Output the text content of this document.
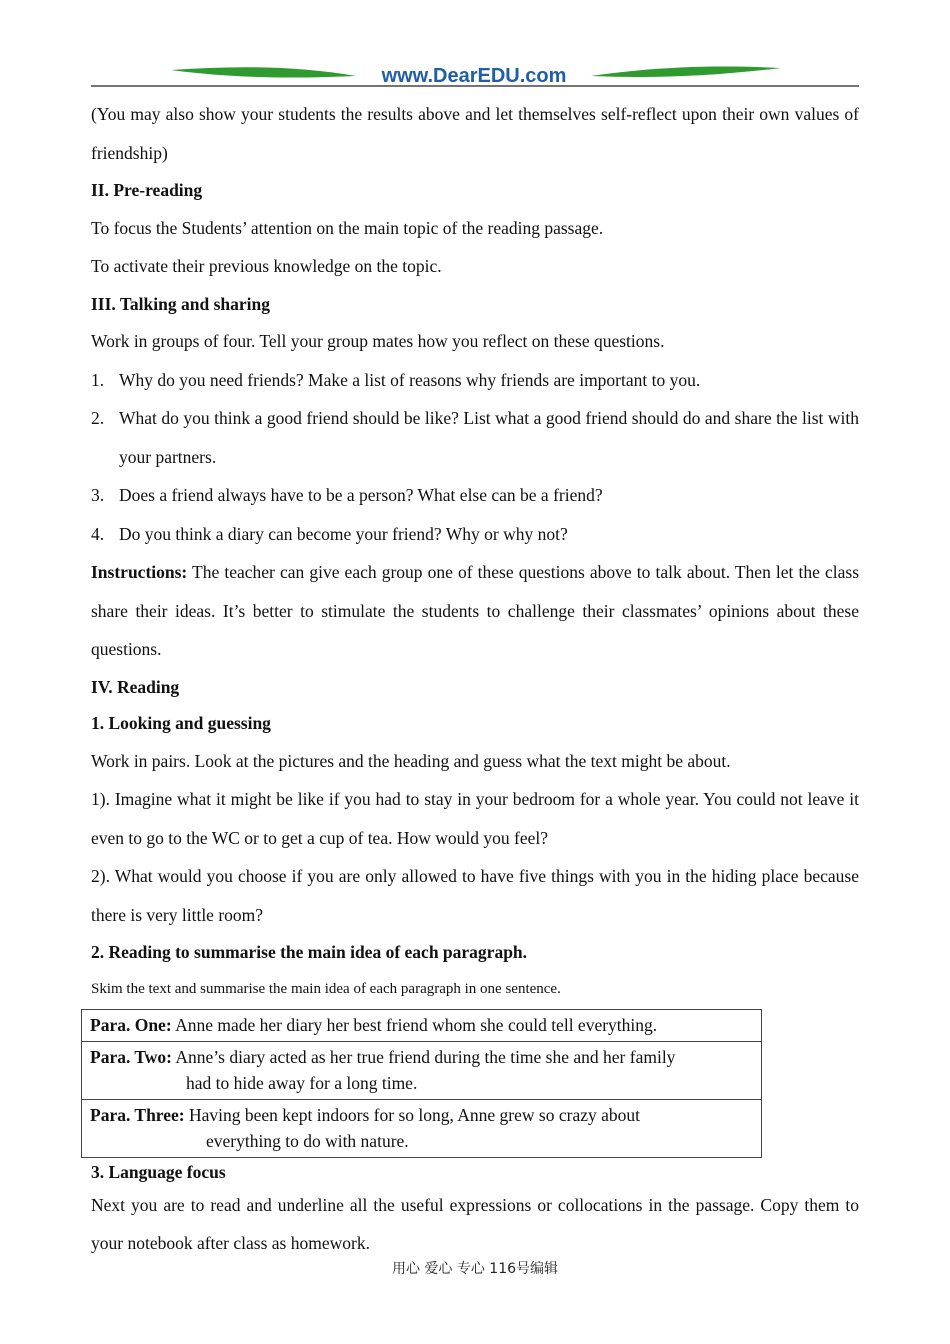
www.DearEDU.com

(You may also show your students the results above and let themselves self-reflect upon their own values of friendship)

II. Pre-reading

To focus the Students’ attention on the main topic of the reading passage.

To activate their previous knowledge on the topic.

III. Talking and sharing

Work in groups of four. Tell your group mates how you reflect on these questions.

1. Why do you need friends? Make a list of reasons why friends are important to you.
2. What do you think a good friend should be like? List what a good friend should do and share the list with your partners.
3. Does a friend always have to be a person? What else can be a friend?
4. Do you think a diary can become your friend? Why or why not?

Instructions: The teacher can give each group one of these questions above to talk about. Then let the class share their ideas. It’s better to stimulate the students to challenge their classmates’ opinions about these questions.

IV. Reading

1. Looking and guessing

Work in pairs. Look at the pictures and the heading and guess what the text might be about.

1). Imagine what it might be like if you had to stay in your bedroom for a whole year. You could not leave it even to go to the WC or to get a cup of tea. How would you feel?

2). What would you choose if you are only allowed to have five things with you in the hiding place because there is very little room?

2. Reading to summarise the main idea of each paragraph.

Skim the text and summarise the main idea of each paragraph in one sentence.

Para. One: Anne made her diary her best friend whom she could tell everything.
Para. Two: Anne’s diary acted as her true friend during the time she and her family
had to hide away for a long time.

Para. Three: Having been kept indoors for so long, Anne grew so crazy about
everything to do with nature.

3. Language focus

Next you are to read and underline all the useful expressions or collocations in the passage. Copy them to your notebook after class as homework.

用心 爱心 专心 116号编辑
